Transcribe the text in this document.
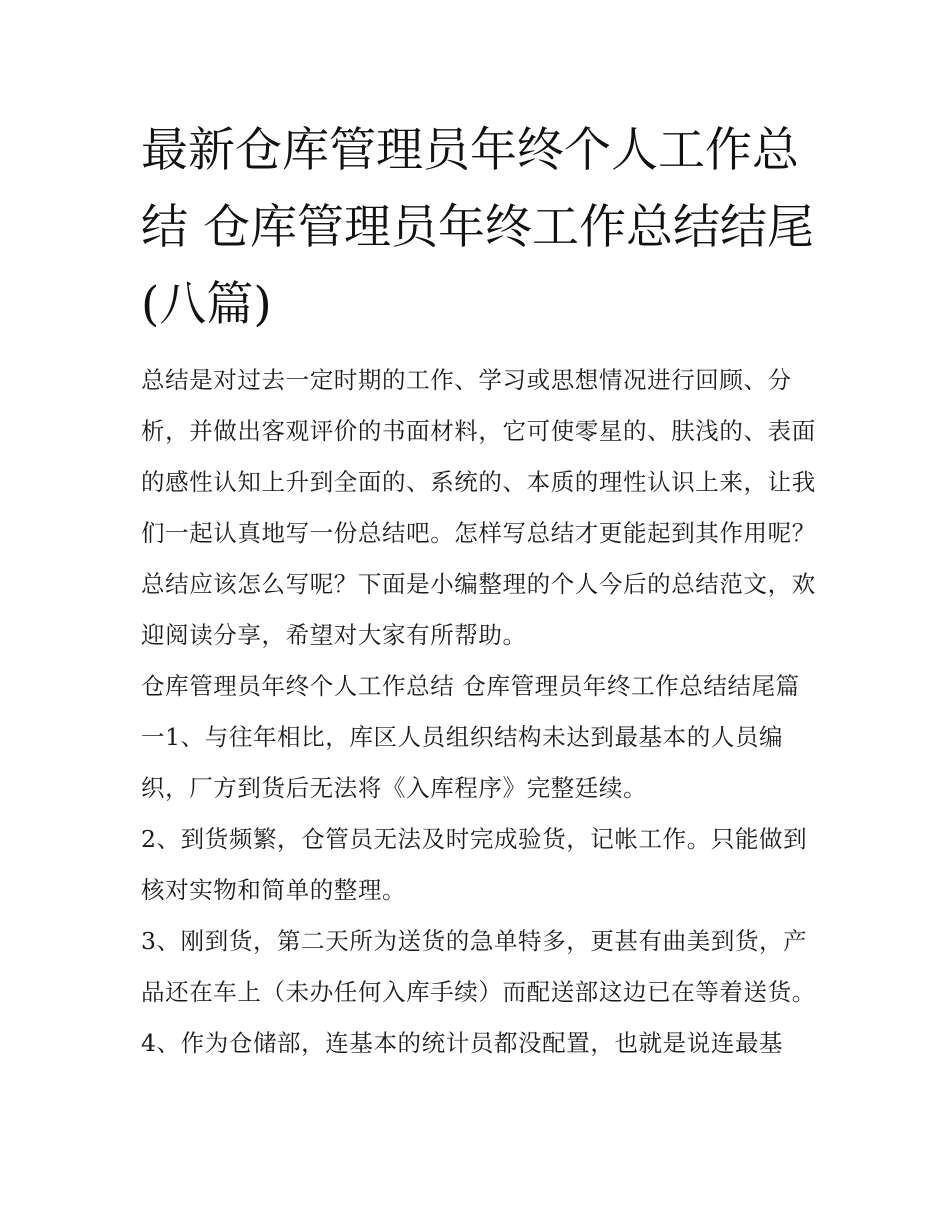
最新仓库管理员年终个人工作总结 仓库管理员年终工作总结结尾(八篇)

总结是对过去一定时期的工作、学习或思想情况进行回顾、分析，并做出客观评价的书面材料，它可使零星的、肤浅的、表面的感性认知上升到全面的、系统的、本质的理性认识上来，让我们一起认真地写一份总结吧。怎样写总结才更能起到其作用呢？总结应该怎么写呢？下面是小编整理的个人今后的总结范文，欢迎阅读分享，希望对大家有所帮助。

仓库管理员年终个人工作总结 仓库管理员年终工作总结结尾篇一1、与往年相比，库区人员组织结构未达到最基本的人员编织，厂方到货后无法将《入库程序》完整廷续。

2、到货频繁，仓管员无法及时完成验货，记帐工作。只能做到核对实物和简单的整理。

3、刚到货，第二天所为送货的急单特多，更甚有曲美到货，产品还在车上（未办任何入库手续）而配送部这边已在等着送货。

4、作为仓储部，连基本的统计员都没配置，也就是说连最基
